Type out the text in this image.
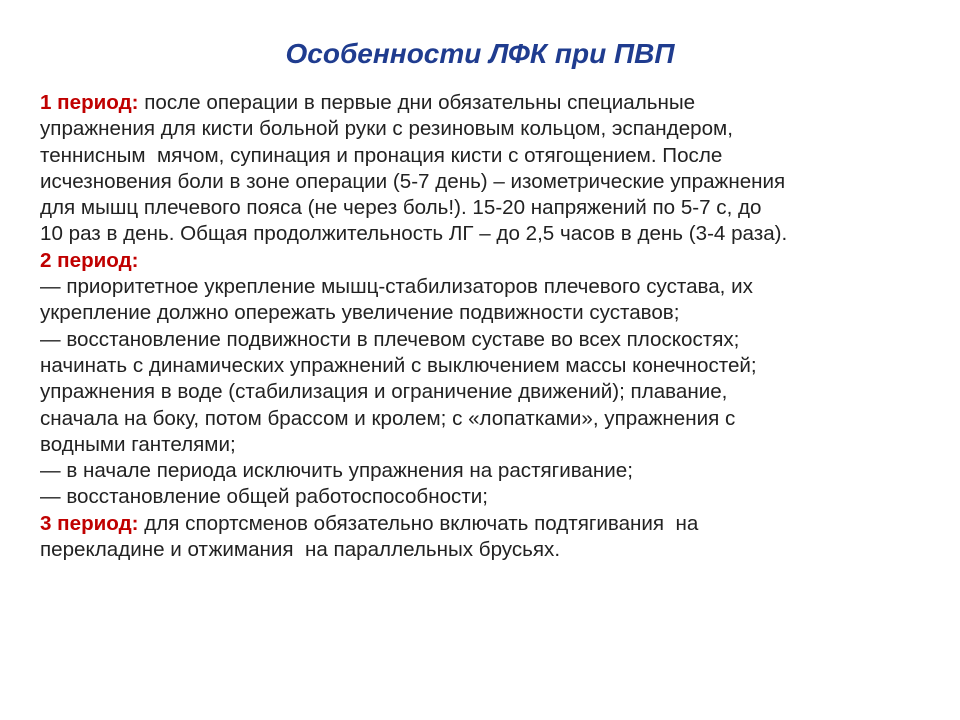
Особенности ЛФК при ПВП
1 период: после операции в первые дни обязательны специальные
упражнения для кисти больной руки с резиновым кольцом, эспандером,
теннисным  мячом, супинация и пронация кисти с отягощением. После
исчезновения боли в зоне операции (5-7 день) – изометрические упражнения
для мышц плечевого пояса (не через боль!). 15-20 напряжений по 5-7 с, до
10 раз в день. Общая продолжительность ЛГ – до 2,5 часов в день (3-4 раза).
2 период:
— приоритетное укрепление мышц-стабилизаторов плечевого сустава, их
укрепление должно опережать увеличение подвижности суставов;
— восстановление подвижности в плечевом суставе во всех плоскостях;
начинать с динамических упражнений с выключением массы конечностей;
упражнения в воде (стабилизация и ограничение движений); плавание,
сначала на боку, потом брассом и кролем; с «лопатками», упражнения с
водными гантелями;
— в начале периода исключить упражнения на растягивание;
— восстановление общей работоспособности;
3 период: для спортсменов обязательно включать подтягивания  на
перекладине и отжимания  на параллельных брусьях.
